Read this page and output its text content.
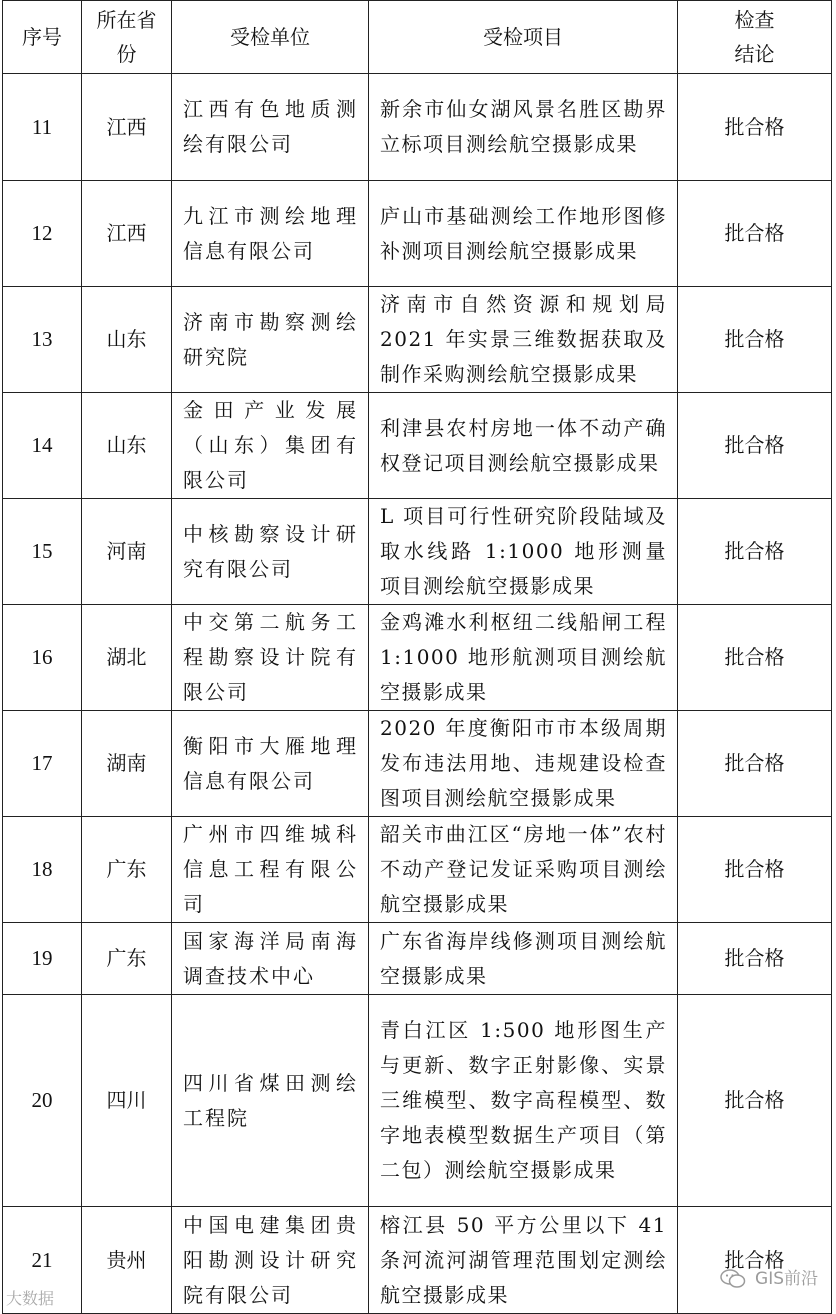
序号	所在省份	受检单位	受检项目	检查结论
11	江西	江西有色地质测绘有限公司	新余市仙女湖风景名胜区勘界立标项目测绘航空摄影成果	批合格
12	江西	九江市测绘地理信息有限公司	庐山市基础测绘工作地形图修补测项目测绘航空摄影成果	批合格
13	山东	济南市勘察测绘研究院	济南市自然资源和规划局 2021 年实景三维数据获取及制作采购测绘航空摄影成果	批合格
14	山东	金田产业发展（山东）集团有限公司	利津县农村房地一体不动产确权登记项目测绘航空摄影成果	批合格
15	河南	中核勘察设计研究有限公司	L 项目可行性研究阶段陆域及取水线路 1:1000 地形测量项目测绘航空摄影成果	批合格
16	湖北	中交第二航务工程勘察设计院有限公司	金鸡滩水利枢纽二线船闸工程 1:1000 地形航测项目测绘航空摄影成果	批合格
17	湖南	衡阳市大雁地理信息有限公司	2020 年度衡阳市市本级周期发布违法用地、违规建设检查图项目测绘航空摄影成果	批合格
18	广东	广州市四维城科信息工程有限公司	韶关市曲江区“房地一体”农村不动产登记发证采购项目测绘航空摄影成果	批合格
19	广东	国家海洋局南海调查技术中心	广东省海岸线修测项目测绘航空摄影成果	批合格
20	四川	四川省煤田测绘工程院	青白江区 1:500 地形图生产与更新、数字正射影像、实景三维模型、数字高程模型、数字地表模型数据生产项目（第二包）测绘航空摄影成果	批合格
21	贵州	中国电建集团贵阳勘测设计研究院有限公司	榕江县 50 平方公里以下 41 条河流河湖管理范围划定测绘航空摄影成果	批合格
大数据
GIS前沿
